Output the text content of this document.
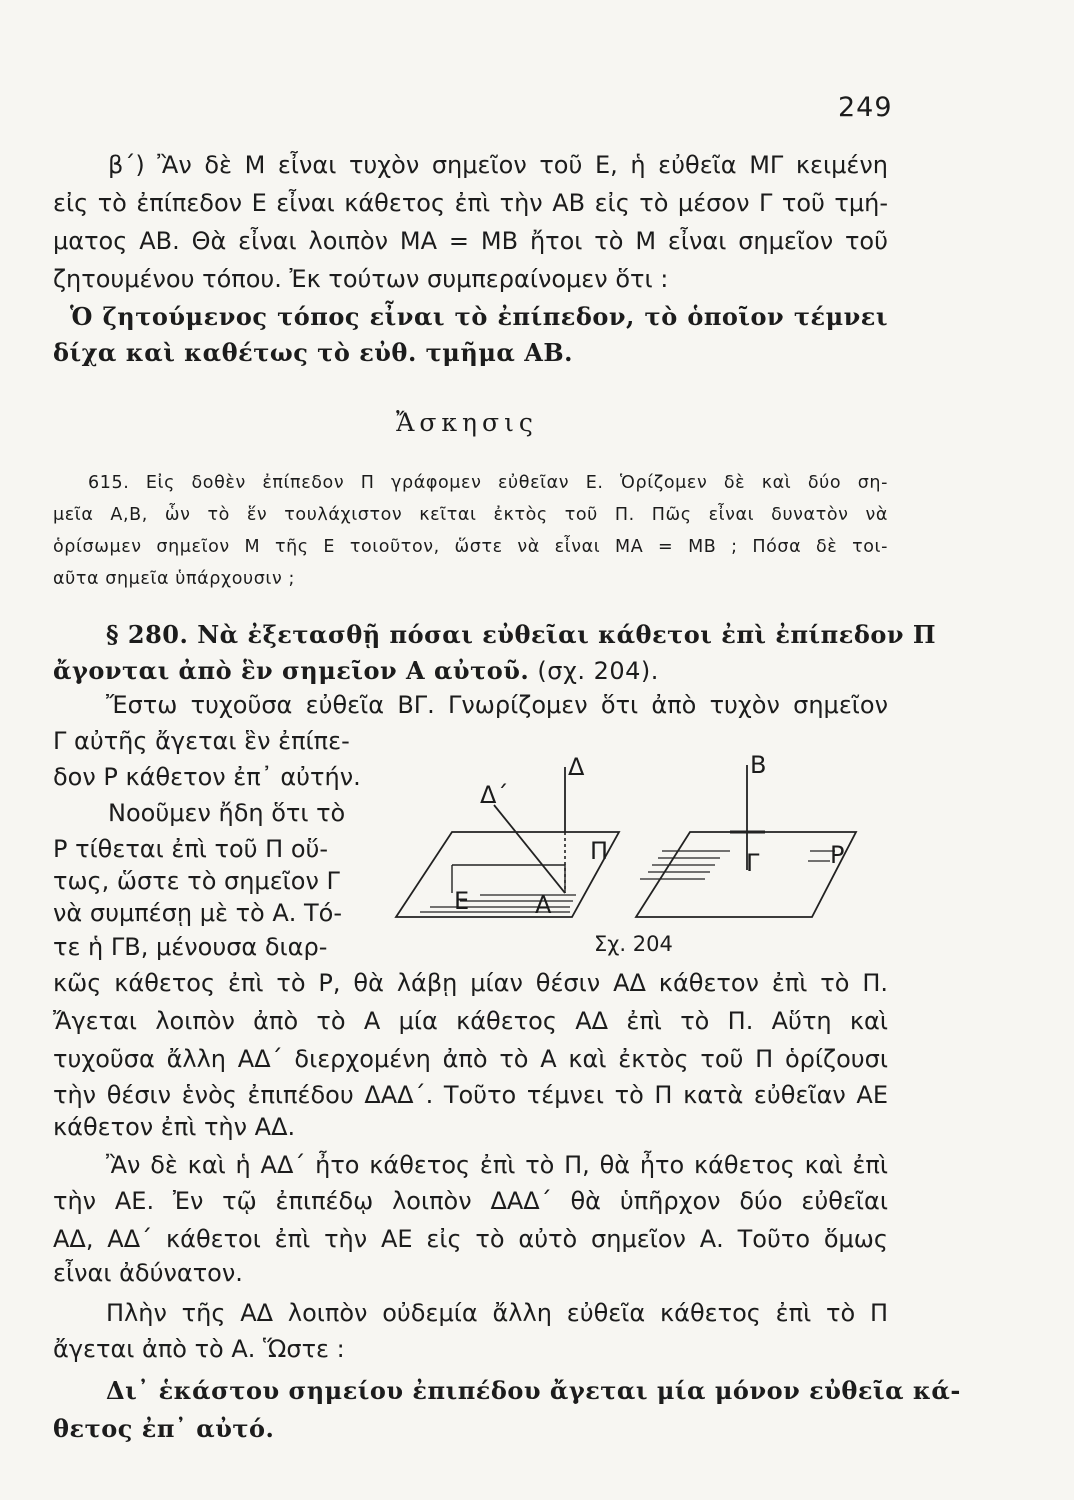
249
β΄) Ἂν δὲ Μ εἶναι τυχὸν σημεῖον τοῦ Ε, ἡ εὐθεῖα ΜΓ κειμένη
εἰς τὸ ἐπίπεδον Ε εἶναι κάθετος ἐπὶ τὴν ΑΒ εἰς τὸ μέσον Γ τοῦ τμή-
ματος ΑΒ. Θὰ εἶναι λοιπὸν ΜΑ = ΜΒ ἤτοι τὸ Μ εἶναι σημεῖον τοῦ
ζητουμένου τόπου. Ἐκ τούτων συμπεραίνομεν ὅτι :
Ὁ ζητούμενος τόπος εἶναι τὸ ἐπίπεδον, τὸ ὁποῖον τέμνει
δίχα καὶ καθέτως τὸ εὐθ. τμῆμα ΑΒ.
Ἄσκησις
615. Εἰς δοθὲν ἐπίπεδον Π γράφομεν εὐθεῖαν Ε. Ὁρίζομεν δὲ καὶ δύο ση-
μεῖα Α,Β, ὧν τὸ ἕν τουλάχιστον κεῖται ἐκτὸς τοῦ Π. Πῶς εἶναι δυνατὸν νὰ
ὁρίσωμεν σημεῖον Μ τῆς Ε τοιοῦτον, ὥστε νὰ εἶναι ΜΑ = ΜΒ ; Πόσα δὲ τοι-
αῦτα σημεῖα ὑπάρχουσιν ;
§ 280. Νὰ ἐξετασθῇ πόσαι εὐθεῖαι κάθετοι ἐπὶ ἐπίπεδον Π
ἄγονται ἀπὸ ἓν σημεῖον Α αὐτοῦ. (σχ. 204).
Ἔστω τυχοῦσα εὐθεῖα ΒΓ. Γνωρίζομεν ὅτι ἀπὸ τυχὸν σημεῖον
Γ αὐτῆς ἄγεται ἓν ἐπίπε-
δον Ρ κάθετον ἐπ᾽ αὐτήν.
Νοοῦμεν ἤδη ὅτι τὸ
Ρ τίθεται ἐπὶ τοῦ Π οὕ-
τως, ὥστε τὸ σημεῖον Γ
νὰ συμπέσῃ μὲ τὸ Α. Τό-
τε ἡ ΓΒ, μένουσα διαρ-
Δ
Δ΄
Π
Ε	Α
Β
Γ	Ρ
Σχ. 204
κῶς κάθετος ἐπὶ τὸ Ρ, θὰ λάβῃ μίαν θέσιν ΑΔ κάθετον ἐπὶ τὸ Π.
Ἄγεται λοιπὸν ἀπὸ τὸ Α μία κάθετος ΑΔ ἐπὶ τὸ Π. Αὕτη καὶ
τυχοῦσα ἄλλη ΑΔ΄ διερχομένη ἀπὸ τὸ Α καὶ ἐκτὸς τοῦ Π ὁρίζουσι
τὴν θέσιν ἑνὸς ἐπιπέδου ΔΑΔ΄. Τοῦτο τέμνει τὸ Π κατὰ εὐθεῖαν ΑΕ
κάθετον ἐπὶ τὴν ΑΔ.
Ἂν δὲ καὶ ἡ ΑΔ΄ ἦτο κάθετος ἐπὶ τὸ Π, θὰ ἦτο κάθετος καὶ ἐπὶ
τὴν ΑΕ. Ἐν τῷ ἐπιπέδῳ λοιπὸν ΔΑΔ΄ θὰ ὑπῆρχον δύο εὐθεῖαι
ΑΔ, ΑΔ΄ κάθετοι ἐπὶ τὴν ΑΕ εἰς τὸ αὐτὸ σημεῖον Α. Τοῦτο ὅμως
εἶναι ἀδύνατον.
Πλὴν τῆς ΑΔ λοιπὸν οὐδεμία ἄλλη εὐθεῖα κάθετος ἐπὶ τὸ Π
ἄγεται ἀπὸ τὸ Α. Ὥστε :
Δι᾽ ἑκάστου σημείου ἐπιπέδου ἄγεται μία μόνον εὐθεῖα κά-
θετος ἐπ᾽ αὐτό.
